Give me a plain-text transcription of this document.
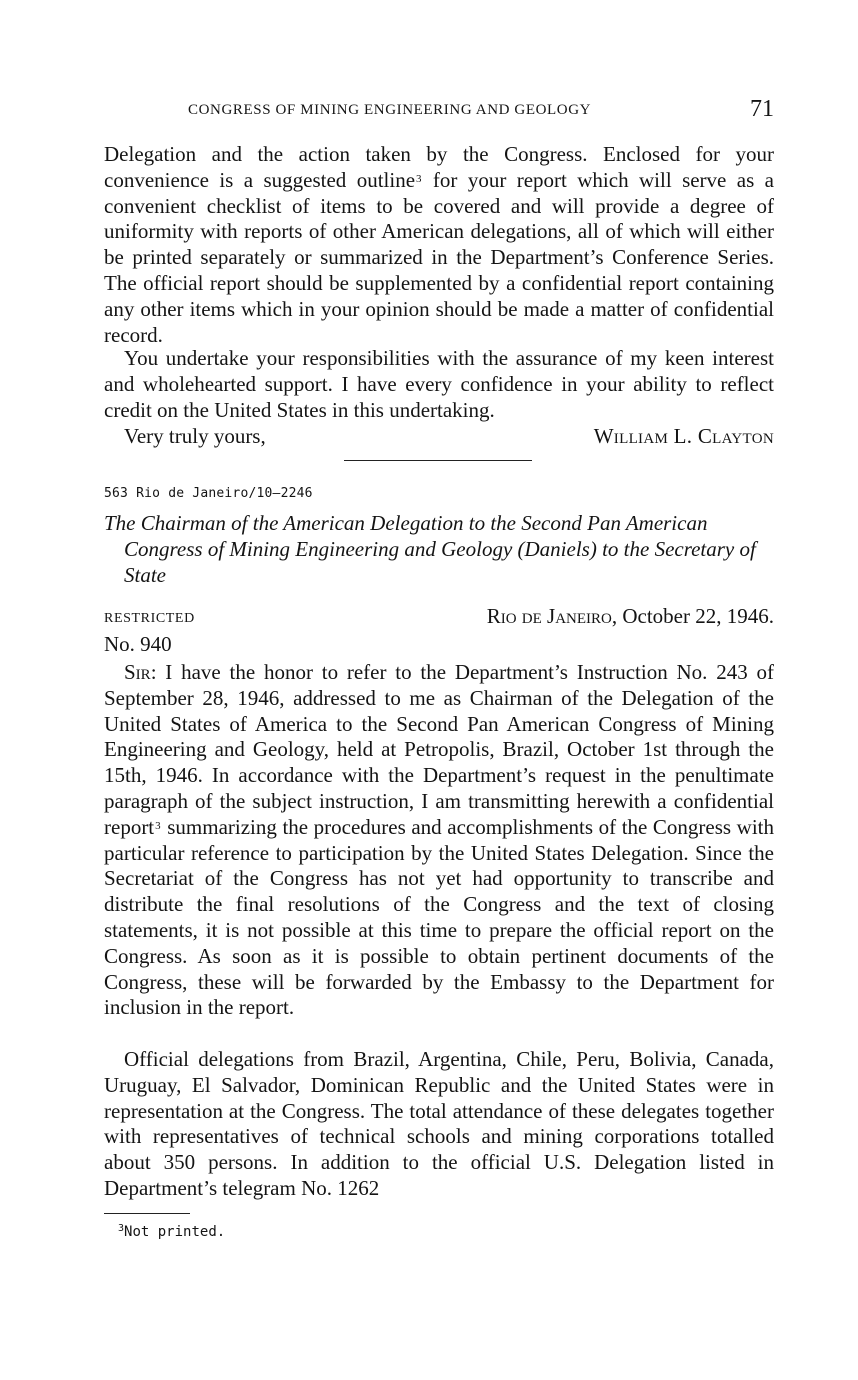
CONGRESS OF MINING ENGINEERING AND GEOLOGY	71

Delegation and the action taken by the Congress. Enclosed for your convenience is a suggested outline$^3$ for your report which will serve as a convenient checklist of items to be covered and will provide a degree of uniformity with reports of other American delegations, all of which will either be printed separately or summarized in the Department’s Conference Series. The official report should be supplemented by a confidential report containing any other items which in your opinion should be made a matter of confidential record.

You undertake your responsibilities with the assurance of my keen interest and wholehearted support. I have every confidence in your ability to reflect credit on the United States in this undertaking.

Very truly yours,	William L. Clayton
563 Rio de Janeiro/10–2246
The Chairman of the American Delegation to the Second Pan American Congress of Mining Engineering and Geology (Daniels) to the Secretary of State
RESTRICTED	Rio de Janeiro, October 22, 1946.
No. 940

Sir: I have the honor to refer to the Department’s Instruction No. 243 of September 28, 1946, addressed to me as Chairman of the Delegation of the United States of America to the Second Pan American Congress of Mining Engineering and Geology, held at Petropolis, Brazil, October 1st through the 15th, 1946. In accordance with the Department’s request in the penultimate paragraph of the subject instruction, I am transmitting herewith a confidential report$^3$ summarizing the procedures and accomplishments of the Congress with particular reference to participation by the United States Delegation. Since the Secretariat of the Congress has not yet had opportunity to transcribe and distribute the final resolutions of the Congress and the text of closing statements, it is not possible at this time to prepare the official report on the Congress. As soon as it is possible to obtain pertinent documents of the Congress, these will be forwarded by the Embassy to the Department for inclusion in the report.

Official delegations from Brazil, Argentina, Chile, Peru, Bolivia, Canada, Uruguay, El Salvador, Dominican Republic and the United States were in representation at the Congress. The total attendance of these delegates together with representatives of technical schools and mining corporations totalled about 350 persons. In addition to the official U.S. Delegation listed in Department’s telegram No. 1262

$^3$Not printed.
